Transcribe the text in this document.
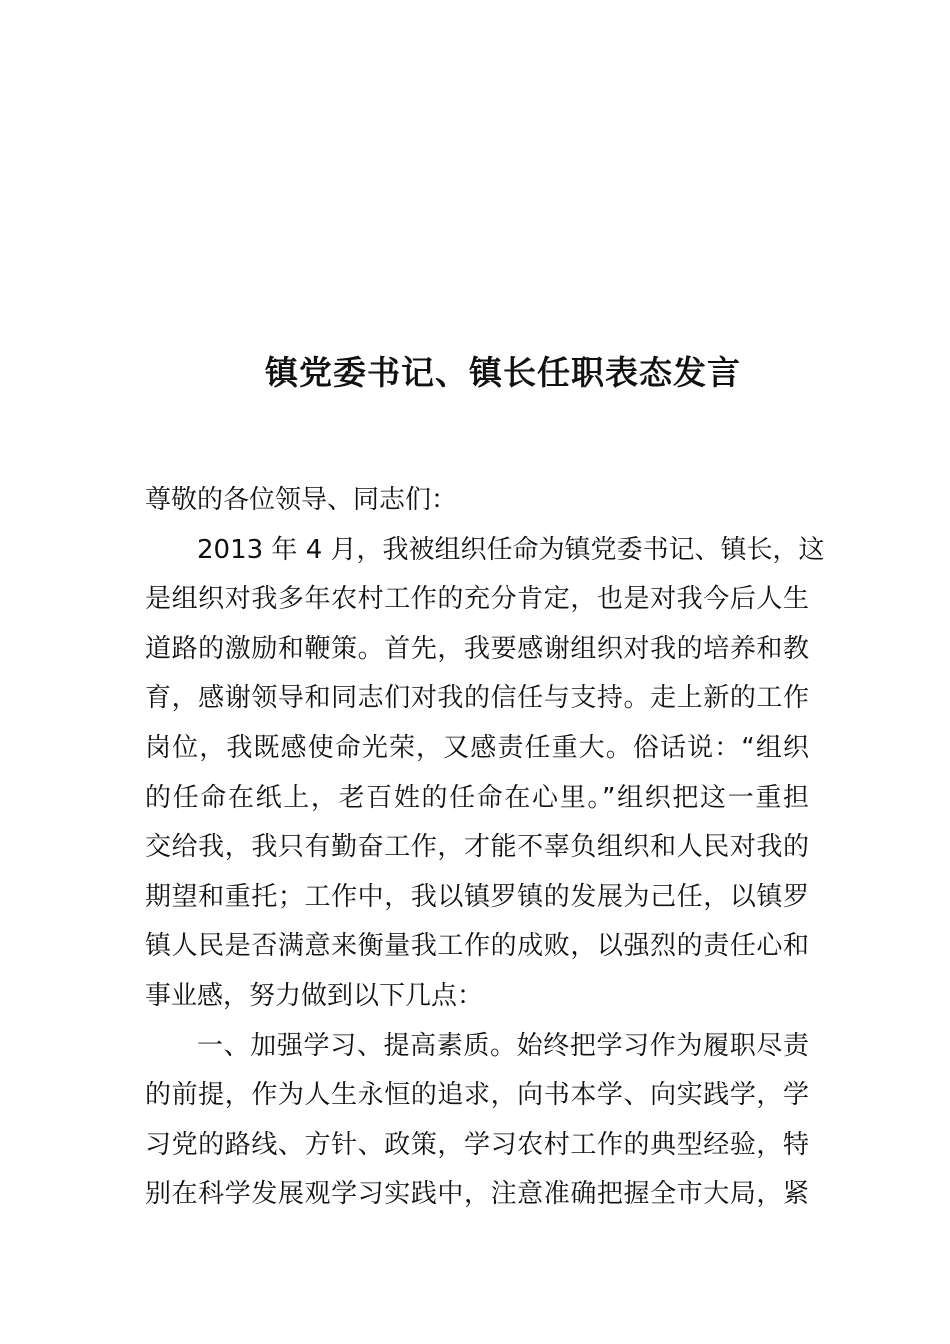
镇党委书记、镇长任职表态发言
尊敬的各位领导、同志们：
2013 年 4 月，我被组织任命为镇党委书记、镇长，这
是组织对我多年农村工作的充分肯定，也是对我今后人生
道路的激励和鞭策。首先，我要感谢组织对我的培养和教
育，感谢领导和同志们对我的信任与支持。走上新的工作
岗位，我既感使命光荣，又感责任重大。俗话说：“组织
的任命在纸上，老百姓的任命在心里。”组织把这一重担
交给我，我只有勤奋工作，才能不辜负组织和人民对我的
期望和重托；工作中，我以镇罗镇的发展为己任，以镇罗
镇人民是否满意来衡量我工作的成败，以强烈的责任心和
事业感，努力做到以下几点：
一、加强学习、提高素质。始终把学习作为履职尽责
的前提，作为人生永恒的追求，向书本学、向实践学，学
习党的路线、方针、政策，学习农村工作的典型经验，特
别在科学发展观学习实践中，注意准确把握全市大局，紧
